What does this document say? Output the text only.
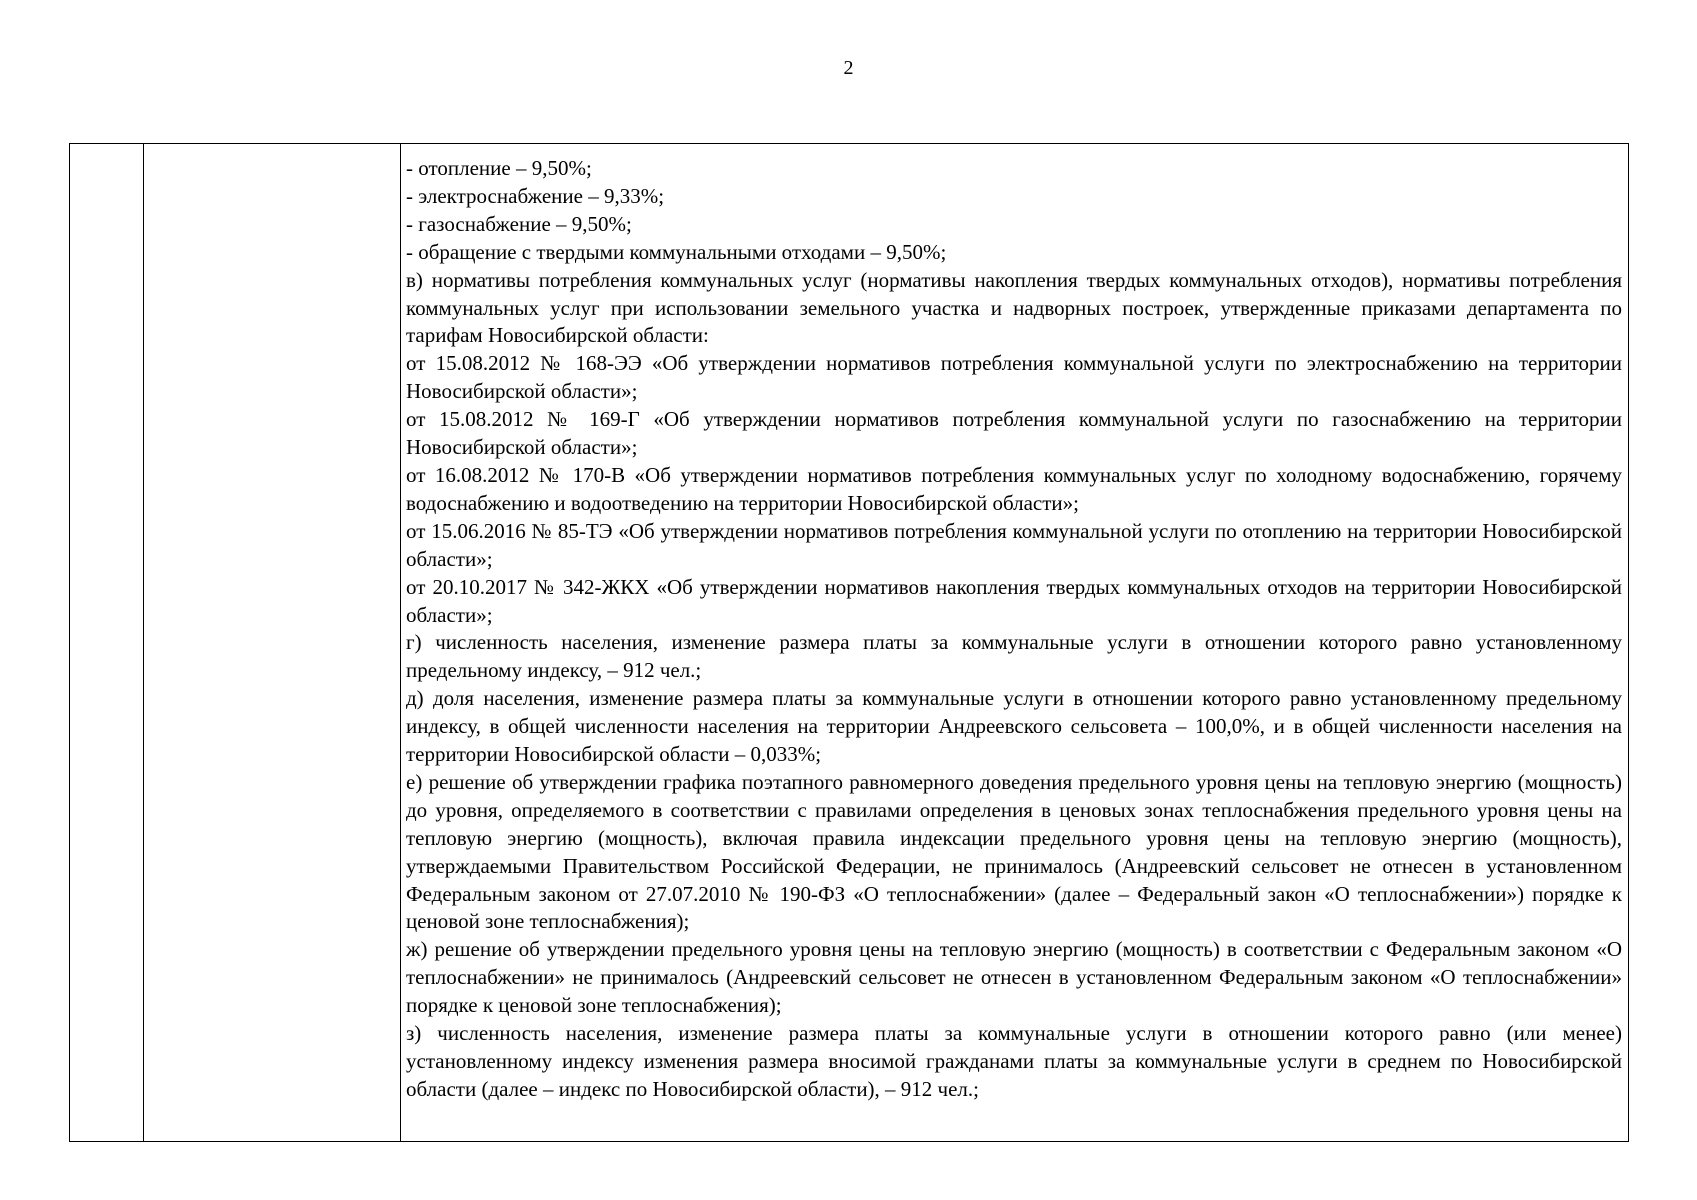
2

- отопление – 9,50%;

- электроснабжение – 9,33%;

- газоснабжение – 9,50%;

- обращение с твердыми коммунальными отходами – 9,50%;

в) нормативы потребления коммунальных услуг (нормативы накопления твердых коммунальных отходов), нормативы потребления коммунальных услуг при использовании земельного участка и надворных построек, утвержденные приказами департамента по тарифам Новосибирской области:

от 15.08.2012 № 168-ЭЭ «Об утверждении нормативов потребления коммунальной услуги по электроснабжению на территории Новосибирской области»;

от 15.08.2012 № 169-Г «Об утверждении нормативов потребления коммунальной услуги по газоснабжению на территории Новосибирской области»;

от 16.08.2012 № 170-В «Об утверждении нормативов потребления коммунальных услуг по холодному водоснабжению, горячему водоснабжению и водоотведению на территории Новосибирской области»;

от 15.06.2016 № 85-ТЭ «Об утверждении нормативов потребления коммунальной услуги по отоплению на территории Новосибирской области»;

от 20.10.2017 № 342-ЖКХ «Об утверждении нормативов накопления твердых коммунальных отходов на территории Новосибирской области»;

г) численность населения, изменение размера платы за коммунальные услуги в отношении которого равно установленному предельному индексу, – 912 чел.;

д) доля населения, изменение размера платы за коммунальные услуги в отношении которого равно установленному предельному индексу, в общей численности населения на территории Андреевского сельсовета – 100,0%, и в общей численности населения на территории Новосибирской области – 0,033%;

е) решение об утверждении графика поэтапного равномерного доведения предельного уровня цены на тепловую энергию (мощность) до уровня, определяемого в соответствии с правилами определения в ценовых зонах теплоснабжения предельного уровня цены на тепловую энергию (мощность), включая правила индексации предельного уровня цены на тепловую энергию (мощность), утверждаемыми Правительством Российской Федерации, не принималось (Андреевский сельсовет не отнесен в установленном Федеральным законом от 27.07.2010 № 190-ФЗ «О теплоснабжении» (далее – Федеральный закон «О теплоснабжении») порядке к ценовой зоне теплоснабжения);

ж) решение об утверждении предельного уровня цены на тепловую энергию (мощность) в соответствии с Федеральным законом «О теплоснабжении» не принималось (Андреевский сельсовет не отнесен в установленном Федеральным законом «О теплоснабжении» порядке к ценовой зоне теплоснабжения);

з) численность населения, изменение размера платы за коммунальные услуги в отношении которого равно (или менее) установленному индексу изменения размера вносимой гражданами платы за коммунальные услуги в среднем по Новосибирской области (далее – индекс по Новосибирской области), – 912 чел.;
